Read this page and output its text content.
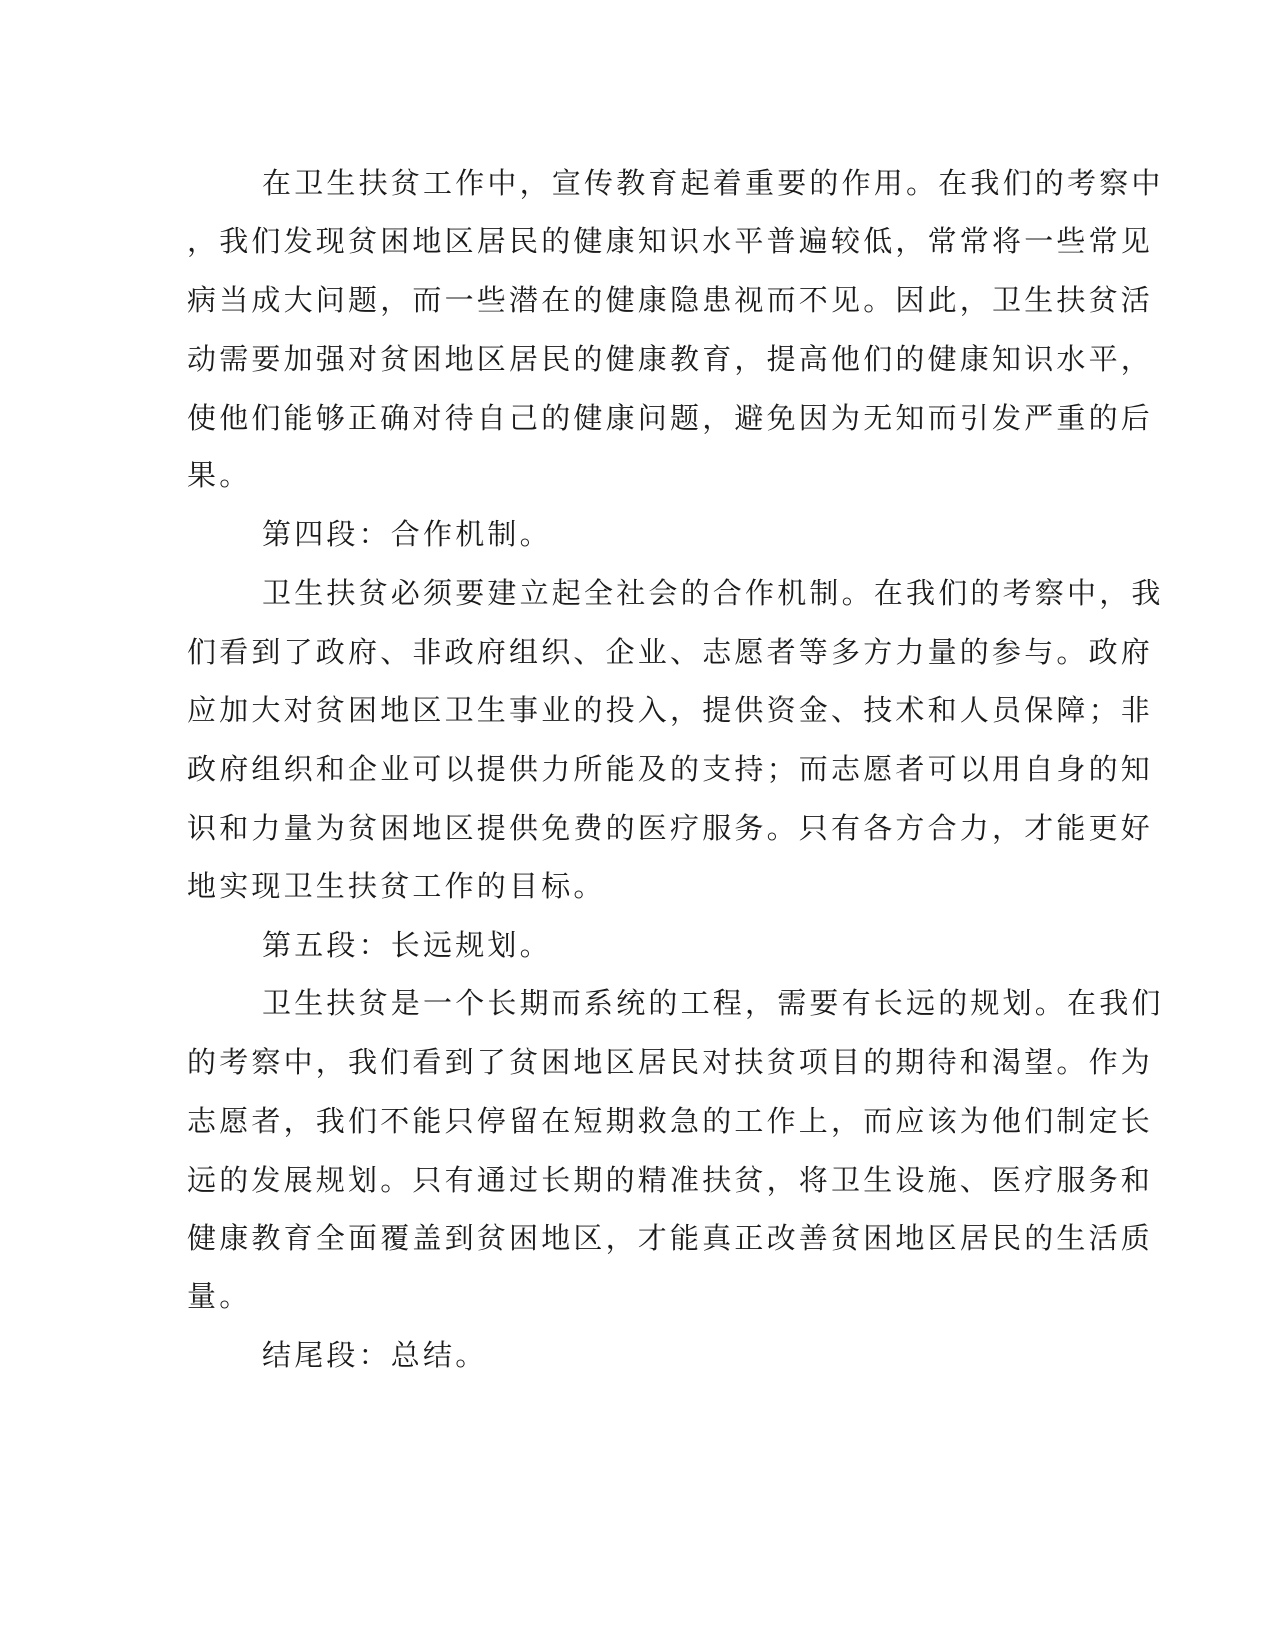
在卫生扶贫工作中，宣传教育起着重要的作用。在我们的考察中
，我们发现贫困地区居民的健康知识水平普遍较低，常常将一些常见
病当成大问题，而一些潜在的健康隐患视而不见。因此，卫生扶贫活
动需要加强对贫困地区居民的健康教育，提高他们的健康知识水平，
使他们能够正确对待自己的健康问题，避免因为无知而引发严重的后
果。
第四段：合作机制。
卫生扶贫必须要建立起全社会的合作机制。在我们的考察中，我
们看到了政府、非政府组织、企业、志愿者等多方力量的参与。政府
应加大对贫困地区卫生事业的投入，提供资金、技术和人员保障；非
政府组织和企业可以提供力所能及的支持；而志愿者可以用自身的知
识和力量为贫困地区提供免费的医疗服务。只有各方合力，才能更好
地实现卫生扶贫工作的目标。
第五段：长远规划。
卫生扶贫是一个长期而系统的工程，需要有长远的规划。在我们
的考察中，我们看到了贫困地区居民对扶贫项目的期待和渴望。作为
志愿者，我们不能只停留在短期救急的工作上，而应该为他们制定长
远的发展规划。只有通过长期的精准扶贫，将卫生设施、医疗服务和
健康教育全面覆盖到贫困地区，才能真正改善贫困地区居民的生活质
量。
结尾段：总结。
